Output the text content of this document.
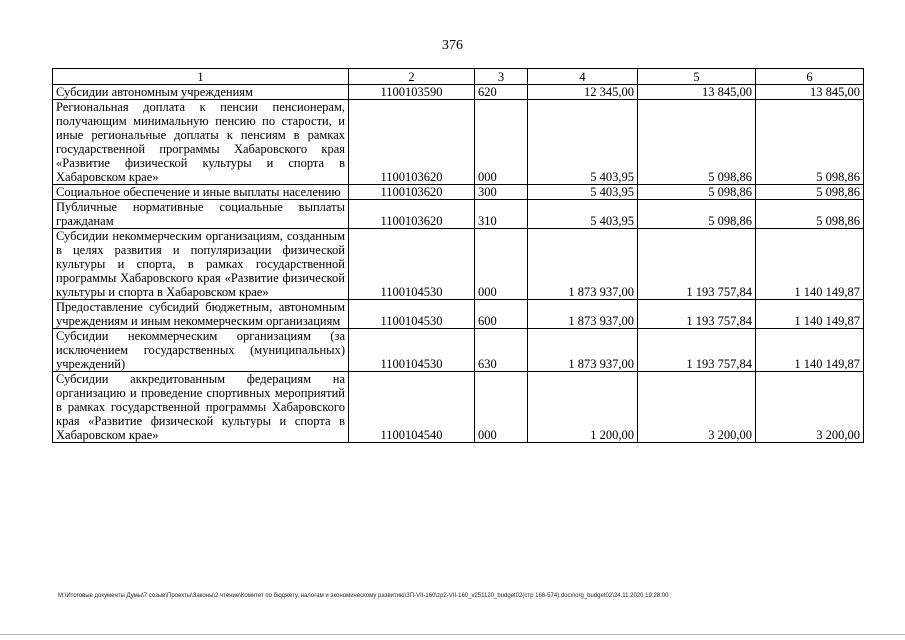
376
1	2	3	4	5	6
Субсидии автономным учреждениям	1100103590	620	12 345,00	13 845,00	13 845,00
Региональная доплата к пенсии пенсионерам, получающим минимальную пенсию по старости, и иные региональные доплаты к пенсиям в рамках государственной программы Хабаровского края «Развитие физической культуры и спорта в Хабаровском крае»	1100103620	000	5 403,95	5 098,86	5 098,86
Социальное обеспечение и иные выплаты населению	1100103620	300	5 403,95	5 098,86	5 098,86
Публичные нормативные социальные выплаты гражданам	1100103620	310	5 403,95	5 098,86	5 098,86
Субсидии некоммерческим организациям, созданным в целях развития и популяризации физической культуры и спорта, в рамках государственной программы Хабаровского края «Развитие физической культуры и спорта в Хабаровском крае»	1100104530	000	1 873 937,00	1 193 757,84	1 140 149,87
Предоставление субсидий бюджетным, автономным учреждениям и иным некоммерческим организациям	1100104530	600	1 873 937,00	1 193 757,84	1 140 149,87
Субсидии некоммерческим организациям (за исключением государственных (муниципальных) учреждений)	1100104530	630	1 873 937,00	1 193 757,84	1 140 149,87
Субсидии аккредитованным федерациям на организацию и проведение спортивных мероприятий в рамках государственной программы Хабаровского края «Развитие физической культуры и спорта в Хабаровском крае»	1100104540	000	1 200,00	3 200,00	3 200,00
M:\Итоговые документы Думы\7 созыв\Проекты\Законы\2 чтение\Комитет по бюджету, налогам и экономическому развитию\ЗП-VII-160\zp2-VII-160_v251120_budget02(стр 166-574).docx\org_budget02\24.11.2020 19:28:00
